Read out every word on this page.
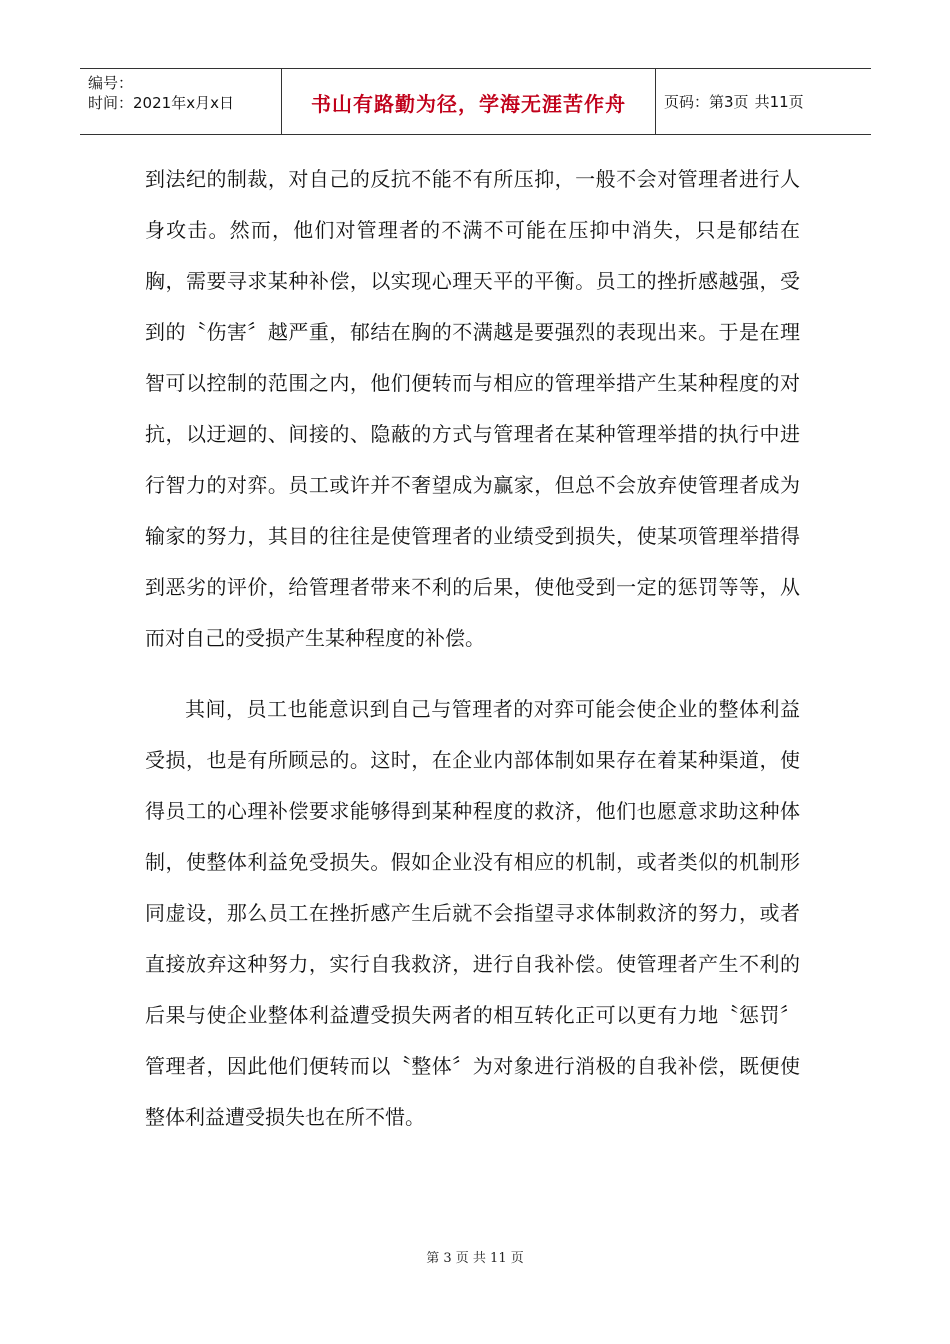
编号：
时间：2021年x月x日	书山有路勤为径，学海无涯苦作舟	页码： 第3页 共11页

到法纪的制裁，对自己的反抗不能不有所压抑，一般不会对管理者进行人身攻击。然而，他们对管理者的不满不可能在压抑中消失，只是郁结在胸，需要寻求某种补偿，以实现心理天平的平衡。员工的挫折感越强，受到的〝伤害〞越严重，郁结在胸的不满越是要强烈的表现出来。于是在理智可以控制的范围之内，他们便转而与相应的管理举措产生某种程度的对抗，以迂迴的、间接的、隐蔽的方式与管理者在某种管理举措的执行中进行智力的对弈。员工或许并不奢望成为赢家，但总不会放弃使管理者成为输家的努力，其目的往往是使管理者的业绩受到损失，使某项管理举措得到恶劣的评价，给管理者带来不利的后果，使他受到一定的惩罚等等，从而对自己的受损产生某种程度的补偿。

其间，员工也能意识到自己与管理者的对弈可能会使企业的整体利益受损，也是有所顾忌的。这时，在企业内部体制如果存在着某种渠道，使得员工的心理补偿要求能够得到某种程度的救济，他们也愿意求助这种体制，使整体利益免受损失。假如企业没有相应的机制，或者类似的机制形同虚设，那么员工在挫折感产生后就不会指望寻求体制救济的努力，或者直接放弃这种努力，实行自我救济，进行自我补偿。使管理者产生不利的后果与使企业整体利益遭受损失两者的相互转化正可以更有力地〝惩罚〞管理者，因此他们便转而以〝整体〞为对象进行消极的自我补偿，既便使整体利益遭受损失也在所不惜。

第 3 页 共 11 页
